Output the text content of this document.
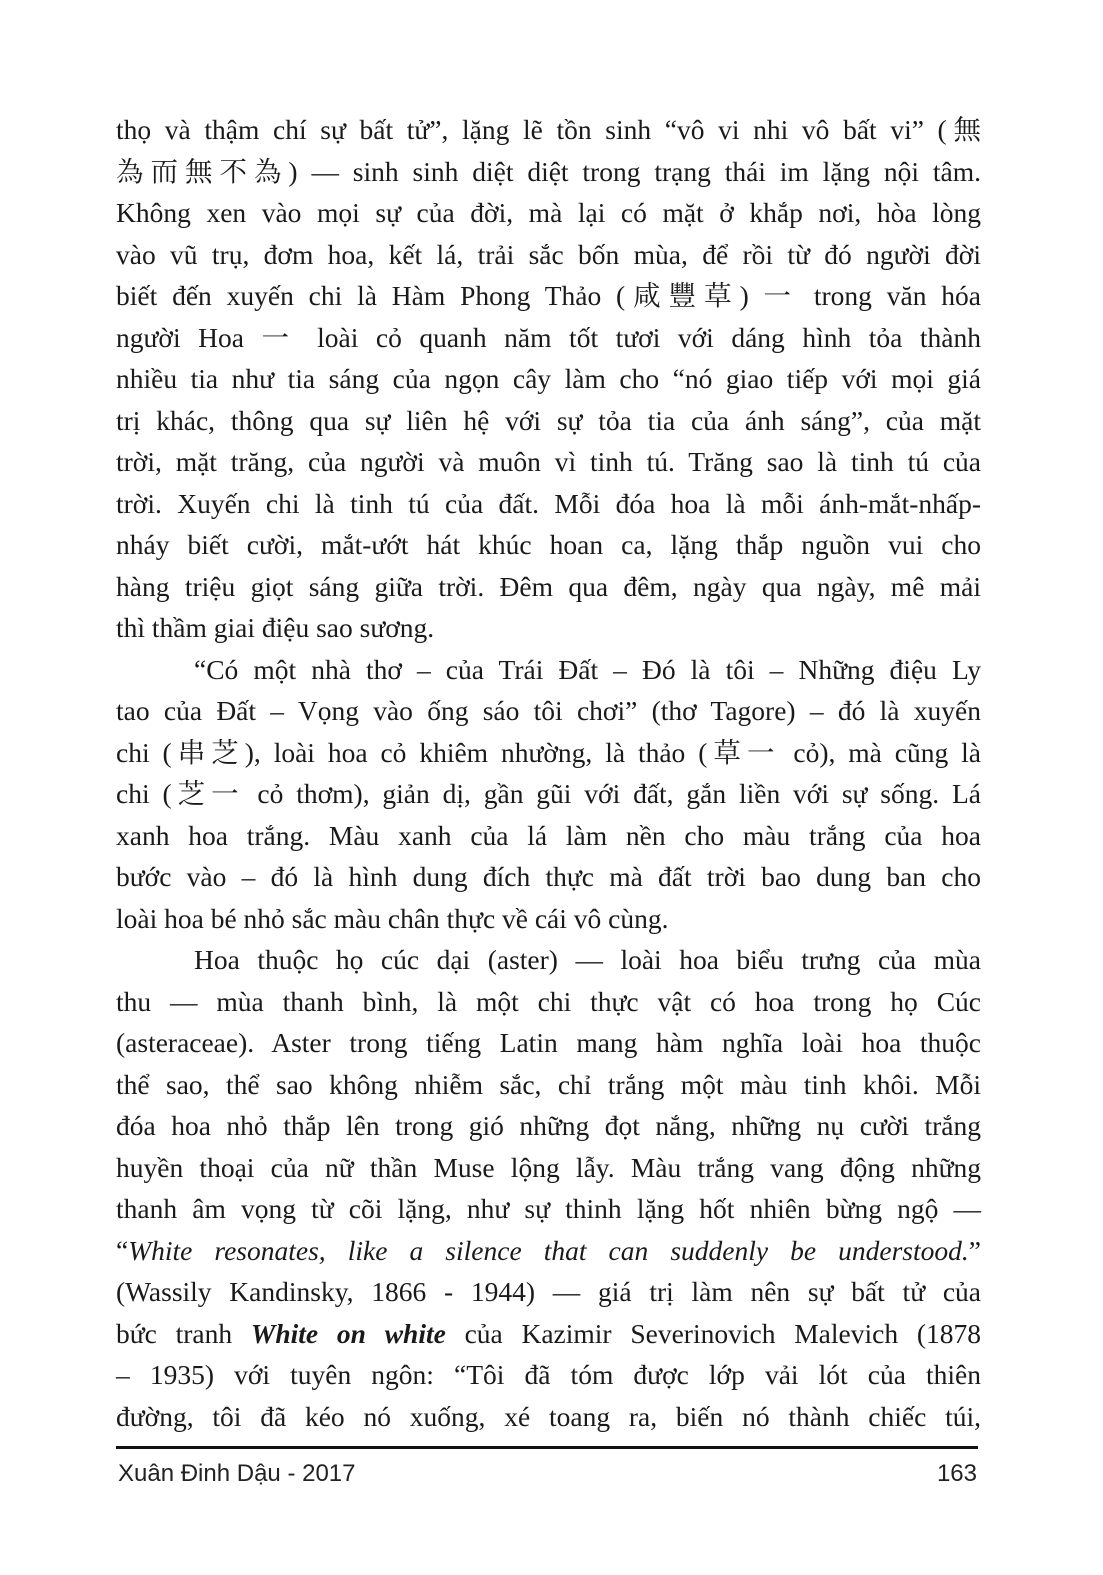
thọ và thậm chí sự bất tử”, lặng lẽ tồn sinh “vô vi nhi vô bất vi” (無

為而無不為) — sinh sinh diệt diệt trong trạng thái im lặng nội tâm.

Không xen vào mọi sự của đời, mà lại có mặt ở khắp nơi, hòa lòng

vào vũ trụ, đơm hoa, kết lá, trải sắc bốn mùa, để rồi từ đó người đời

biết đến xuyến chi là Hàm Phong Thảo (咸豐草) 一 trong văn hóa

người Hoa 一 loài cỏ quanh năm tốt tươi với dáng hình tỏa thành

nhiều tia như tia sáng của ngọn cây làm cho “nó giao tiếp với mọi giá

trị khác, thông qua sự liên hệ với sự tỏa tia của ánh sáng”, của mặt

trời, mặt trăng, của người và muôn vì tinh tú. Trăng sao là tinh tú của

trời. Xuyến chi là tinh tú của đất. Mỗi đóa hoa là mỗi ánh-mắt-nhấp-

nháy biết cười, mắt-ướt hát khúc hoan ca, lặng thắp nguồn vui cho

hàng triệu giọt sáng giữa trời. Đêm qua đêm, ngày qua ngày, mê mải

thì thầm giai điệu sao sương.

“Có một nhà thơ – của Trái Đất – Đó là tôi – Những điệu Ly

tao của Đất – Vọng vào ống sáo tôi chơi” (thơ Tagore) – đó là xuyến

chi (串芝), loài hoa cỏ khiêm nhường, là thảo (草一 cỏ), mà cũng là

chi (芝一 cỏ thơm), giản dị, gần gũi với đất, gắn liền với sự sống. Lá

xanh hoa trắng. Màu xanh của lá làm nền cho màu trắng của hoa

bước vào – đó là hình dung đích thực mà đất trời bao dung ban cho

loài hoa bé nhỏ sắc màu chân thực về cái vô cùng.

Hoa thuộc họ cúc dại (aster) — loài hoa biểu trưng của mùa

thu — mùa thanh bình, là một chi thực vật có hoa trong họ Cúc

(asteraceae). Aster trong tiếng Latin mang hàm nghĩa loài hoa thuộc

thể sao, thể sao không nhiễm sắc, chỉ trắng một màu tinh khôi. Mỗi

đóa hoa nhỏ thắp lên trong gió những đọt nắng, những nụ cười trắng

huyền thoại của nữ thần Muse lộng lẫy. Màu trắng vang động những

thanh âm vọng từ cõi lặng, như sự thinh lặng hốt nhiên bừng ngộ —

“White resonates, like a silence that can suddenly be understood.”

(Wassily Kandinsky, 1866 - 1944) — giá trị làm nên sự bất tử của

bức tranh White on white của Kazimir Severinovich Malevich (1878

– 1935) với tuyên ngôn: “Tôi đã tóm được lớp vải lót của thiên

đường, tôi đã kéo nó xuống, xé toang ra, biến nó thành chiếc túi,

Xuân Đinh Dậu - 2017	163
